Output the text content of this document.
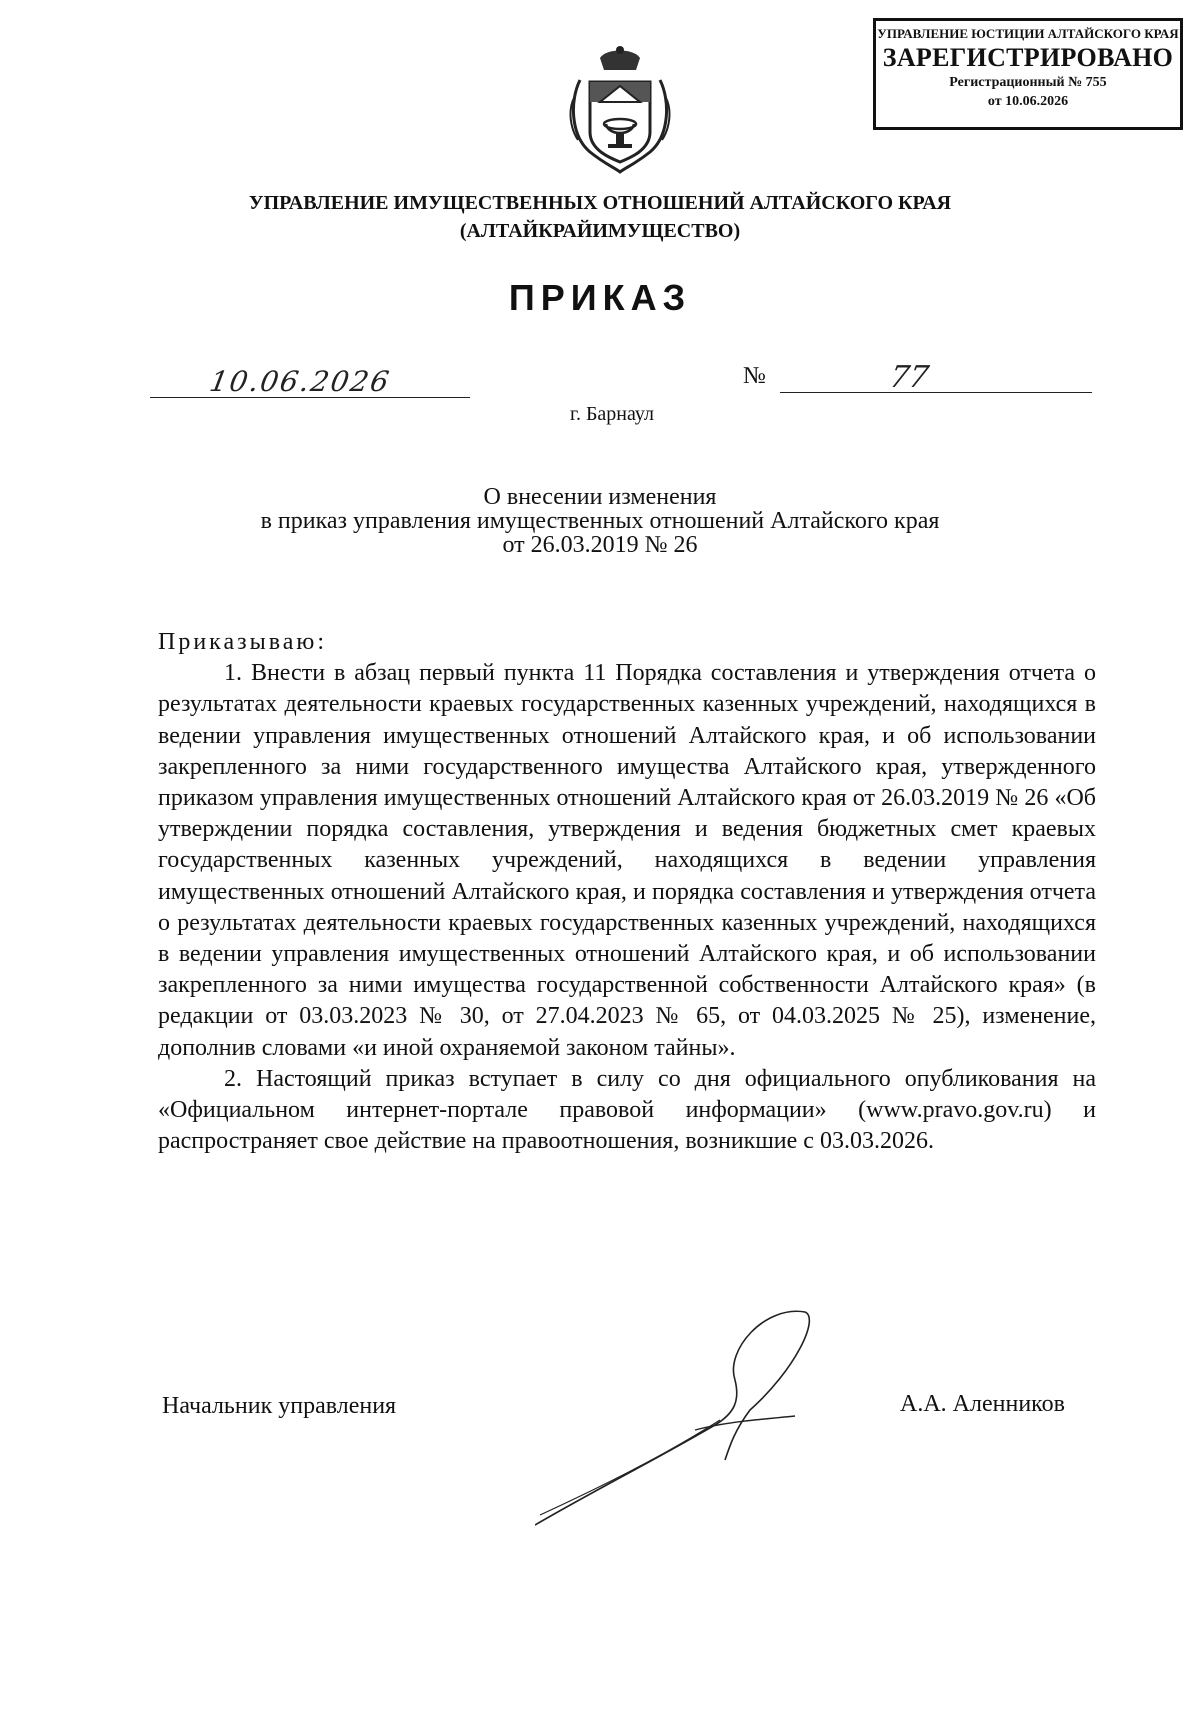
УПРАВЛЕНИЕ ЮСТИЦИИ АЛТАЙСКОГО КРАЯ
ЗАРЕГИСТРИРОВАНО
Регистрационный № 755
от 10.06.2026
УПРАВЛЕНИЕ ИМУЩЕСТВЕННЫХ ОТНОШЕНИЙ АЛТАЙСКОГО КРАЯ
(АЛТАЙКРАЙИМУЩЕСТВО)
ПРИКАЗ
10.06.2026	№	77
г. Барнаул
О внесении изменения
в приказ управления имущественных отношений Алтайского края
от 26.03.2019 № 26

Приказываю:

1. Внести в абзац первый пункта 11 Порядка составления и утверждения отчета о результатах деятельности краевых государственных казенных учреждений, находящихся в ведении управления имущественных отношений Алтайского края, и об использовании закрепленного за ними государственного имущества Алтайского края, утвержденного приказом управления имущественных отношений Алтайского края от 26.03.2019 № 26 «Об утверждении порядка составления, утверждения и ведения бюджетных смет краевых государственных казенных учреждений, находящихся в ведении управления имущественных отношений Алтайского края, и порядка составления и утверждения отчета о результатах деятельности краевых государственных казенных учреждений, находящихся в ведении управления имущественных отношений Алтайского края, и об использовании закрепленного за ними имущества государственной собственности Алтайского края» (в редакции от 03.03.2023 № 30, от 27.04.2023 № 65, от 04.03.2025 № 25), изменение, дополнив словами «и иной охраняемой законом тайны».

2. Настоящий приказ вступает в силу со дня официального опубликования на «Официальном интернет-портале правовой информации» (www.pravo.gov.ru) и распространяет свое действие на правоотношения, возникшие с 03.03.2026.

Начальник управления	А.А. Аленников
